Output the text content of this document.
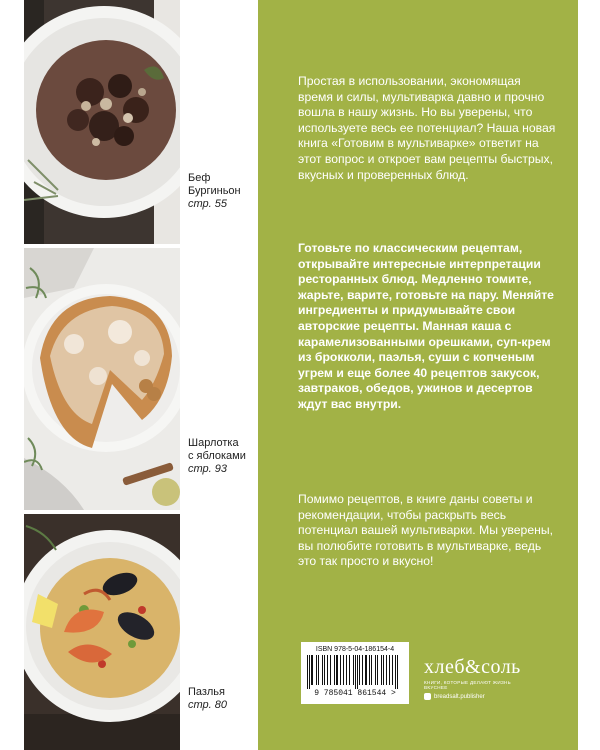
Беф
Бургиньон
стр. 55
Шарлотка
с яблоками
стр. 93
Пазлья
стр. 80

Простая в использовании, экономящая время и силы, мультиварка давно и прочно вошла в нашу жизнь. Но вы уверены, что используете весь ее потенциал? Наша новая книга «Готовим в мультиварке» ответит на этот вопрос и откроет вам рецепты быстрых, вкусных и проверенных блюд.

Готовьте по классическим рецептам, открывайте интересные интерпретации ресторанных блюд. Медленно томите, жарьте, варите, готовьте на пару. Меняйте ингредиенты и придумывайте свои авторские рецепты. Манная каша с карамелизованными орешками, суп-крем из брокколи, паэлья, суши с копченым угрем и еще более 40 рецептов закусок, завтраков, обедов, ужинов и десертов ждут вас внутри.

Помимо рецептов, в книге даны советы и рекомендации, чтобы раскрыть весь потенциал вашей мультиварки. Мы уверены, вы полюбите готовить в мультиварке, ведь это так просто и вкусно!

ISBN 978-5-04-186154-4
9 785041 861544 >
хлеб&соль
КНИГИ, КОТОРЫЕ ДЕЛАЮТ ЖИЗНЬ ВКУСНЕЕ
breadsalt.publisher
